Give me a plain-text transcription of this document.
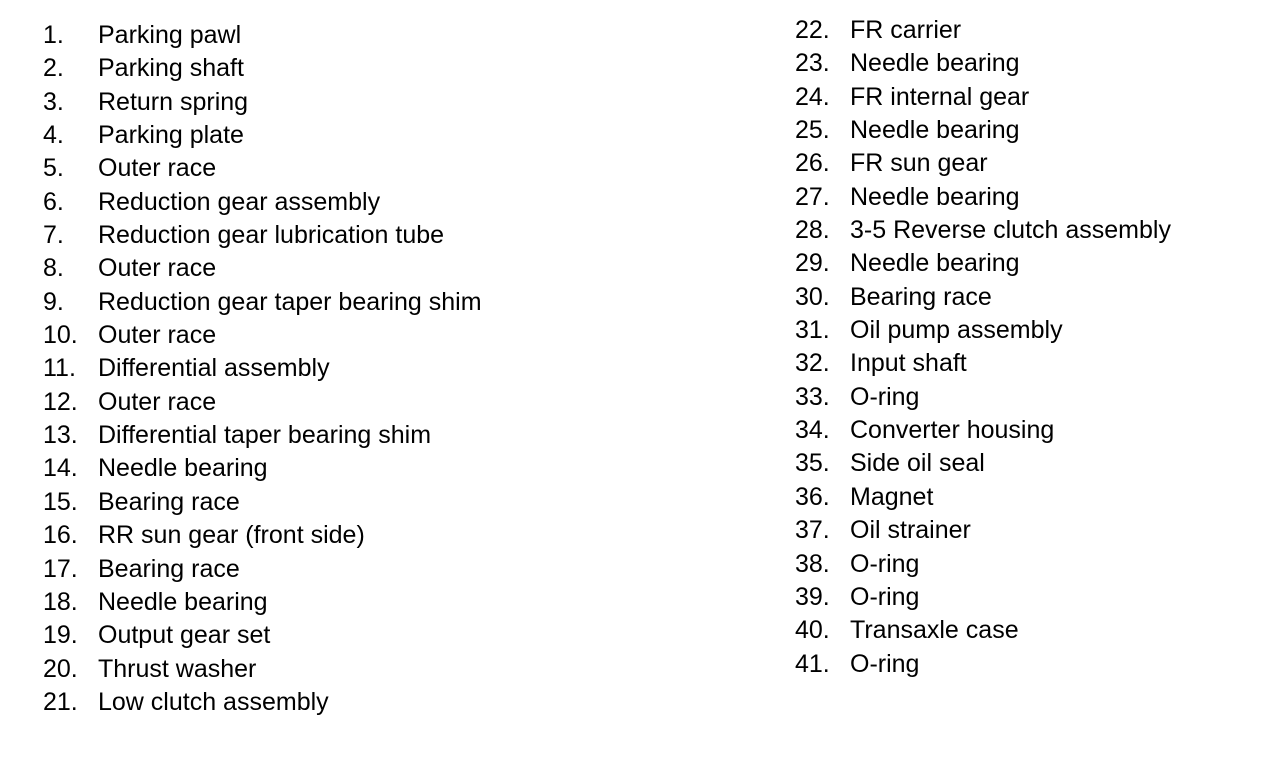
1. Parking pawl
2. Parking shaft
3. Return spring
4. Parking plate
5. Outer race
6. Reduction gear assembly
7. Reduction gear lubrication tube
8. Outer race
9. Reduction gear taper bearing shim
10. Outer race
11. Differential assembly
12. Outer race
13. Differential taper bearing shim
14. Needle bearing
15. Bearing race
16. RR sun gear (front side)
17. Bearing race
18. Needle bearing
19. Output gear set
20. Thrust washer
21. Low clutch assembly
22. FR carrier
23. Needle bearing
24. FR internal gear
25. Needle bearing
26. FR sun gear
27. Needle bearing
28. 3-5 Reverse clutch assembly
29. Needle bearing
30. Bearing race
31. Oil pump assembly
32. Input shaft
33. O-ring
34. Converter housing
35. Side oil seal
36. Magnet
37. Oil strainer
38. O-ring
39. O-ring
40. Transaxle case
41. O-ring
